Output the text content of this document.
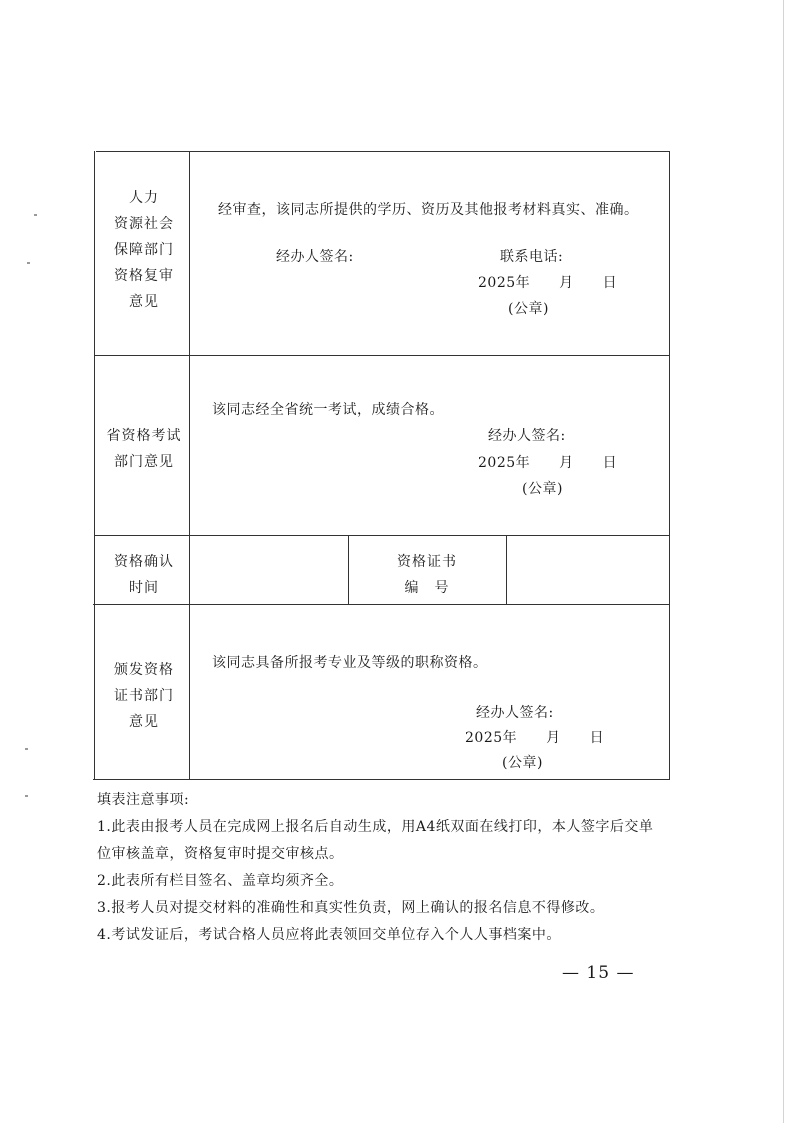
人力
资源社会
保障部门
资格复审
意见
经审查，该同志所提供的学历、资历及其他报考材料真实、准确。
经办人签名:	联系电话:
2025年　　月　　日
(公章)
省资格考试
部门意见
该同志经全省统一考试，成绩合格。
经办人签名:
2025年　　月　　日
(公章)
资格确认
时间
资格证书
编　号
颁发资格
证书部门
意见
该同志具备所报考专业及等级的职称资格。
经办人签名:
2025年　　月　　日
(公章)
填表注意事项:
1.此表由报考人员在完成网上报名后自动生成，用A4纸双面在线打印，本人签字后交单
位审核盖章，资格复审时提交审核点。
2.此表所有栏目签名、盖章均须齐全。
3.报考人员对提交材料的准确性和真实性负责，网上确认的报名信息不得修改。
4.考试发证后，考试合格人员应将此表领回交单位存入个人人事档案中。
— 15 —
